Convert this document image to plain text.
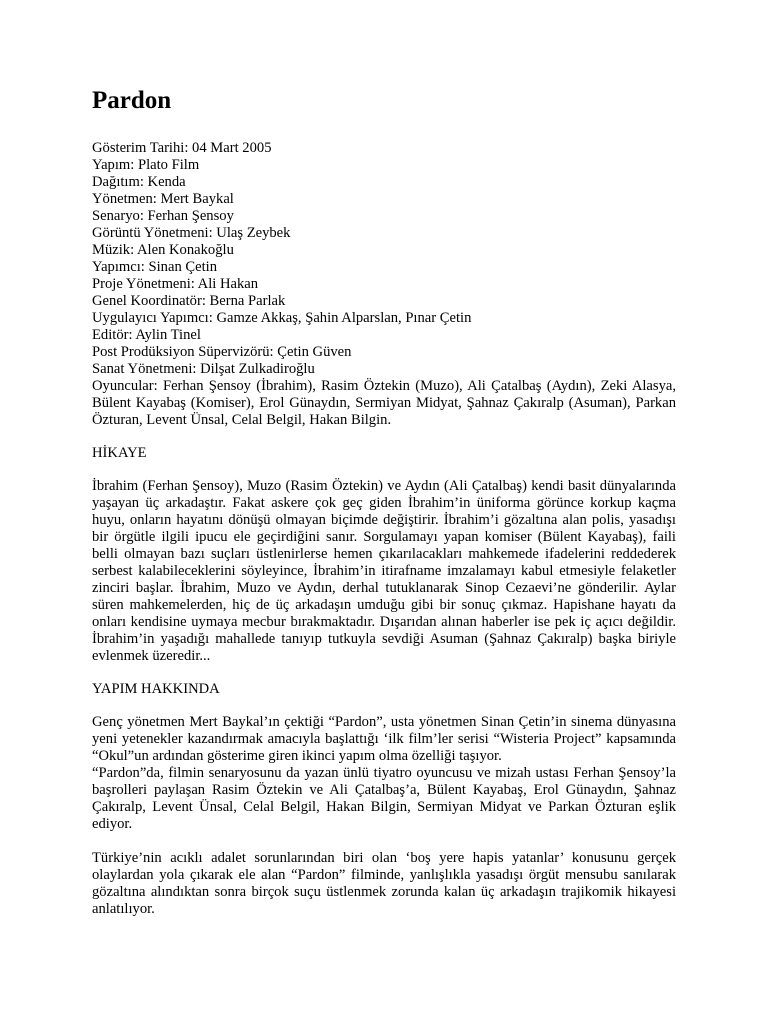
Pardon
Gösterim Tarihi: 04 Mart 2005
Yapım: Plato Film
Dağıtım: Kenda
Yönetmen: Mert Baykal
Senaryo: Ferhan Şensoy
Görüntü Yönetmeni: Ulaş Zeybek
Müzik: Alen Konakoğlu
Yapımcı: Sinan Çetin
Proje Yönetmeni: Ali Hakan
Genel Koordinatör: Berna Parlak
Uygulayıcı Yapımcı: Gamze Akkaş, Şahin Alparslan, Pınar Çetin
Editör: Aylin Tinel
Post Prodüksiyon Süpervizörü: Çetin Güven
Sanat Yönetmeni: Dilşat Zulkadiroğlu
Oyuncular: Ferhan Şensoy (İbrahim), Rasim Öztekin (Muzo), Ali Çatalbaş (Aydın), Zeki Alasya, Bülent Kayabaş (Komiser), Erol Günaydın, Sermiyan Midyat, Şahnaz Çakıralp (Asuman), Parkan Özturan, Levent Ünsal, Celal Belgil, Hakan Bilgin.
HİKAYE

İbrahim (Ferhan Şensoy), Muzo (Rasim Öztekin) ve Aydın (Ali Çatalbaş) kendi basit dünyalarında yaşayan üç arkadaştır. Fakat askere çok geç giden İbrahim’in üniforma görünce korkup kaçma huyu, onların hayatını dönüşü olmayan biçimde değiştirir. İbrahim’i gözaltına alan polis, yasadışı bir örgütle ilgili ipucu ele geçirdiğini sanır. Sorgulamayı yapan komiser (Bülent Kayabaş), faili belli olmayan bazı suçları üstlenirlerse hemen çıkarılacakları mahkemede ifadelerini reddederek serbest kalabileceklerini söyleyince, İbrahim’in itirafname imzalamayı kabul etmesiyle felaketler zinciri başlar. İbrahim, Muzo ve Aydın, derhal tutuklanarak Sinop Cezaevi’ne gönderilir. Aylar süren mahkemelerden, hiç de üç arkadaşın umduğu gibi bir sonuç çıkmaz. Hapishane hayatı da onları kendisine uymaya mecbur bırakmaktadır. Dışarıdan alınan haberler ise pek iç açıcı değildir. İbrahim’in yaşadığı mahallede tanıyıp tutkuyla sevdiği Asuman (Şahnaz Çakıralp) başka biriyle evlenmek üzeredir...

YAPIM HAKKINDA

Genç yönetmen Mert Baykal’ın çektiği “Pardon”, usta yönetmen Sinan Çetin’in sinema dünyasına yeni yetenekler kazandırmak amacıyla başlattığı ‘ilk film’ler serisi “Wisteria Project” kapsamında “Okul”un ardından gösterime giren ikinci yapım olma özelliği taşıyor.

“Pardon”da, filmin senaryosunu da yazan ünlü tiyatro oyuncusu ve mizah ustası Ferhan Şensoy’la başrolleri paylaşan Rasim Öztekin ve Ali Çatalbaş’a, Bülent Kayabaş, Erol Günaydın, Şahnaz Çakıralp, Levent Ünsal, Celal Belgil, Hakan Bilgin, Sermiyan Midyat ve Parkan Özturan eşlik ediyor.

Türkiye’nin acıklı adalet sorunlarından biri olan ‘boş yere hapis yatanlar’ konusunu gerçek olaylardan yola çıkarak ele alan “Pardon” filminde, yanlışlıkla yasadışı örgüt mensubu sanılarak gözaltına alındıktan sonra birçok suçu üstlenmek zorunda kalan üç arkadaşın trajikomik hikayesi anlatılıyor.
